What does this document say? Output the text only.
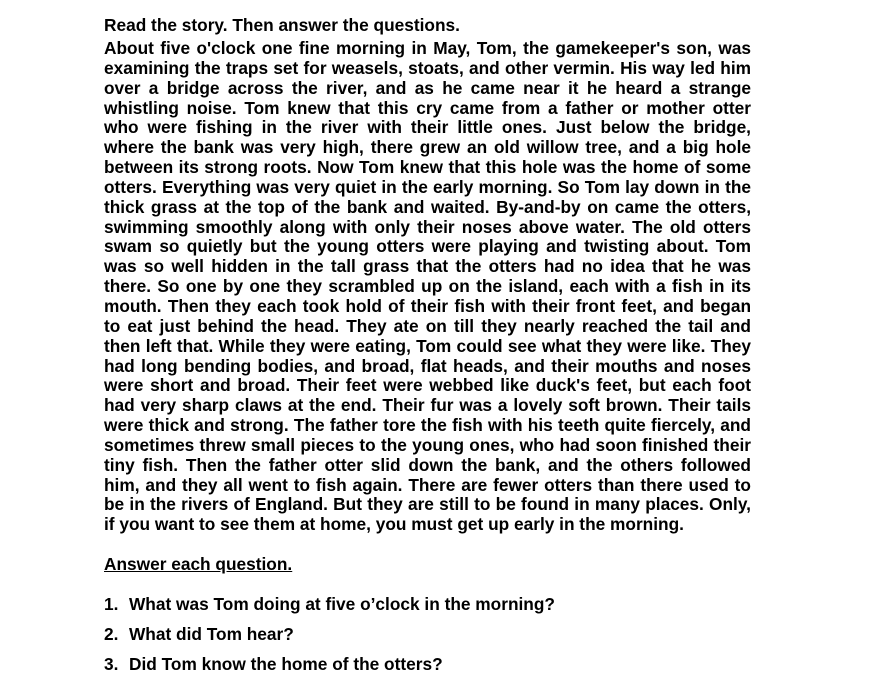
Read the story. Then answer the questions.

About five o'clock one fine morning in May, Tom, the gamekeeper's son, was examining the traps set for weasels, stoats, and other vermin. His way led him over a bridge across the river, and as he came near it he heard a strange whistling noise. Tom knew that this cry came from a father or mother otter who were fishing in the river with their little ones. Just below the bridge, where the bank was very high, there grew an old willow tree, and a big hole between its strong roots. Now Tom knew that this hole was the home of some otters. Everything was very quiet in the early morning. So Tom lay down in the thick grass at the top of the bank and waited. By-and-by on came the otters, swimming smoothly along with only their noses above water. The old otters swam so quietly but the young otters were playing and twisting about. Tom was so well hidden in the tall grass that the otters had no idea that he was there. So one by one they scrambled up on the island, each with a fish in its mouth. Then they each took hold of their fish with their front feet, and began to eat just behind the head. They ate on till they nearly reached the tail and then left that. While they were eating, Tom could see what they were like. They had long bending bodies, and broad, flat heads, and their mouths and noses were short and broad. Their feet were webbed like duck's feet, but each foot had very sharp claws at the end. Their fur was a lovely soft brown. Their tails were thick and strong. The father tore the fish with his teeth quite fiercely, and sometimes threw small pieces to the young ones, who had soon finished their tiny fish. Then the father otter slid down the bank, and the others followed him, and they all went to fish again. There are fewer otters than there used to be in the rivers of England. But they are still to be found in many places. Only, if you want to see them at home, you must get up early in the morning.

Answer each question.

1. What was Tom doing at five o’clock in the morning?
2. What did Tom hear?
3. Did Tom know the home of the otters?
